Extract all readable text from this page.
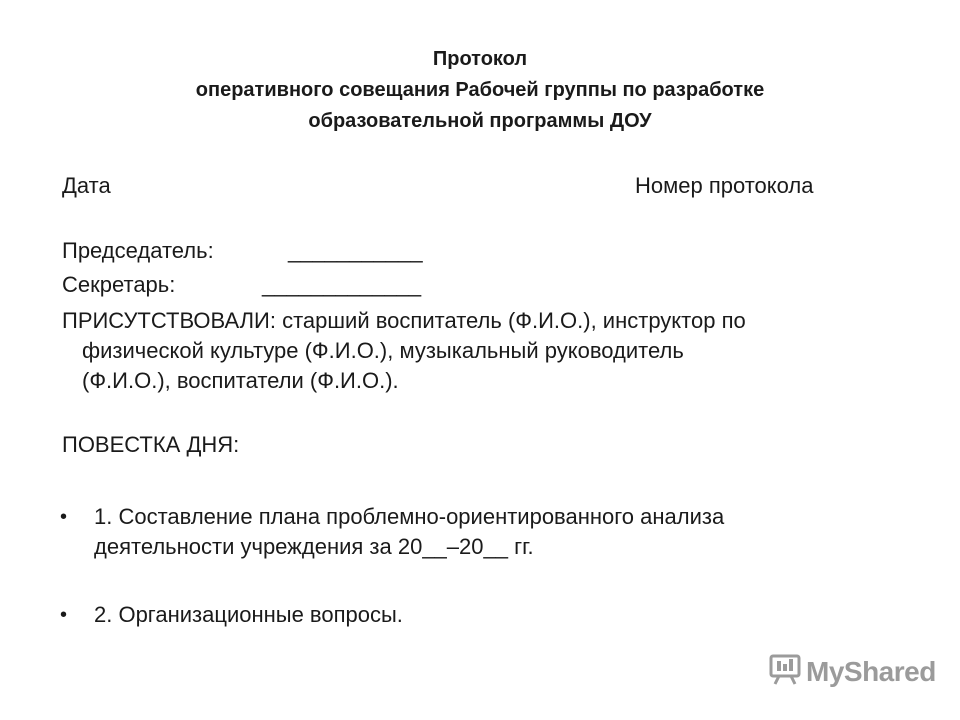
Протокол
оперативного совещания Рабочей группы по разработке
образовательной программы ДОУ
Дата	Номер протокола
Председатель:	___________
Секретарь:	_____________
ПРИСУТСТВОВАЛИ: старший воспитатель (Ф.И.О.), инструктор по
физической культуре (Ф.И.О.), музыкальный руководитель
(Ф.И.О.), воспитатели (Ф.И.О.).
ПОВЕСТКА ДНЯ:
• 1. Составление плана проблемно-ориентированного анализа
деятельности учреждения за 20__–20__ гг.
• 2. Организационные вопросы.
MyShared
